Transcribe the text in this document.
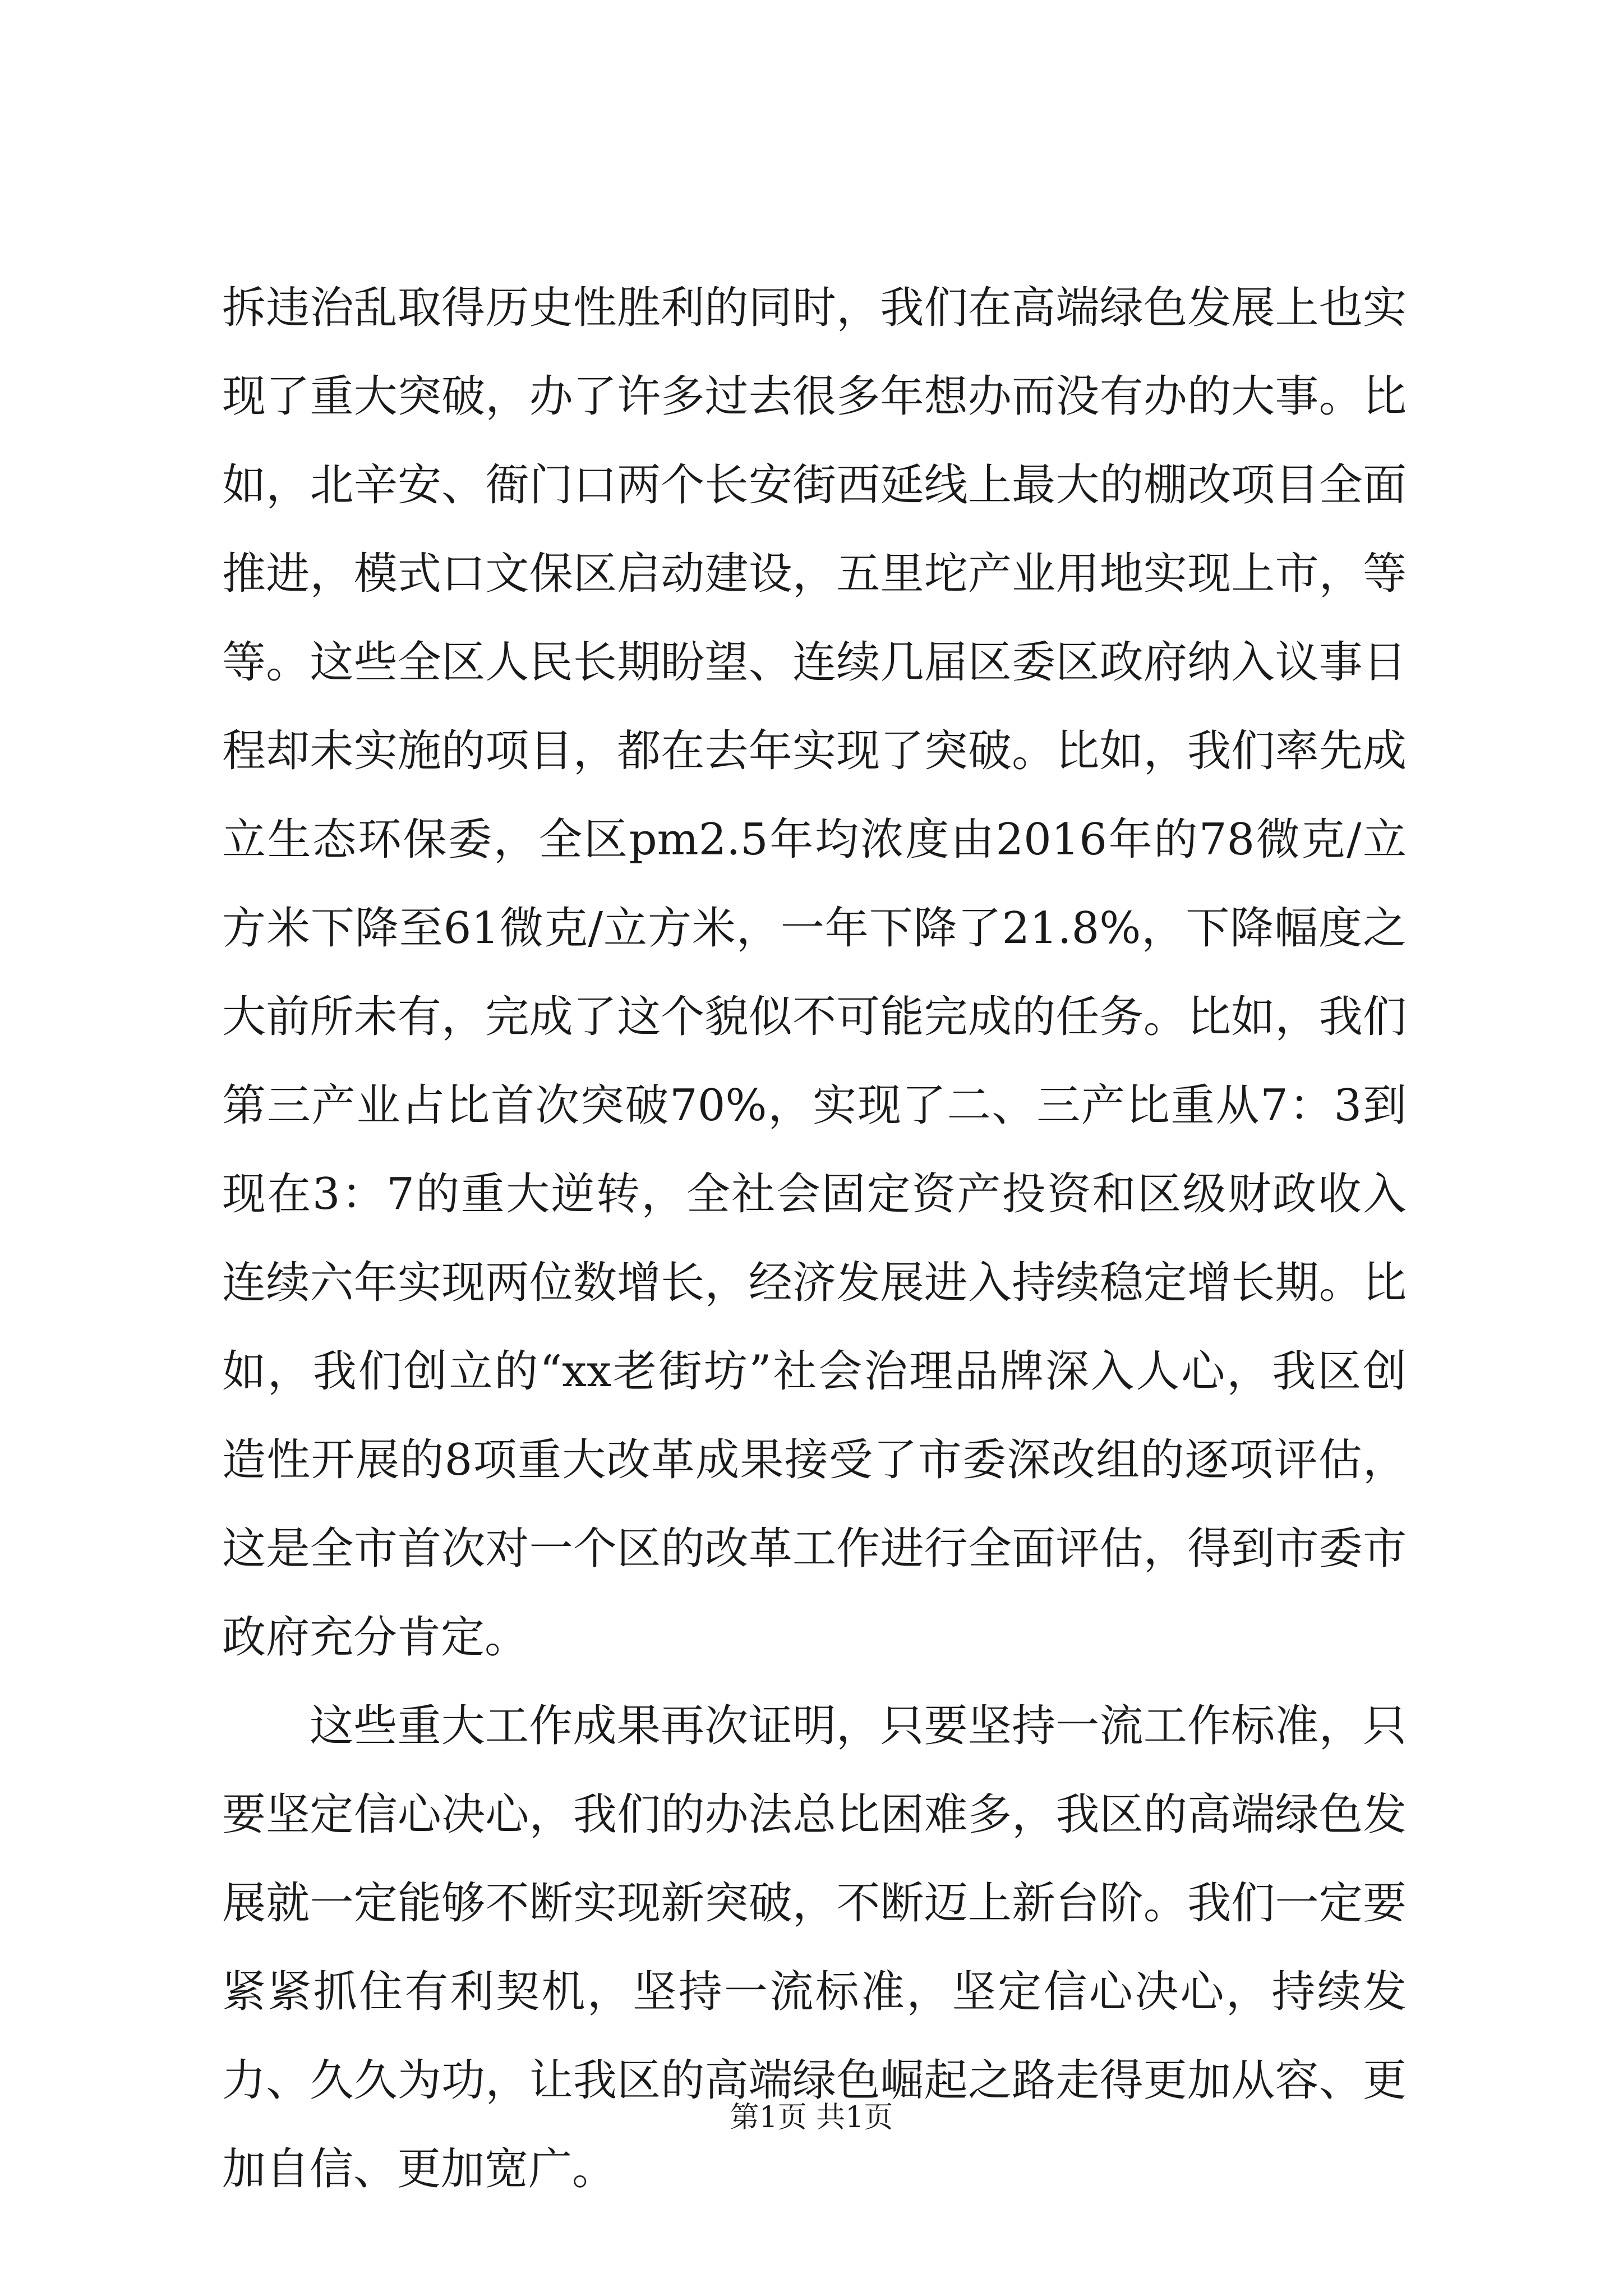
拆违治乱取得历史性胜利的同时，我们在高端绿色发展上也实现了重大突破，办了许多过去很多年想办而没有办的大事。比如，北辛安、衙门口两个长安街西延线上最大的棚改项目全面推进，模式口文保区启动建设，五里坨产业用地实现上市，等等。这些全区人民长期盼望、连续几届区委区政府纳入议事日程却未实施的项目，都在去年实现了突破。比如，我们率先成立生态环保委，全区pm2.5年均浓度由2016年的78微克/立方米下降至61微克/立方米，一年下降了21.8%，下降幅度之大前所未有，完成了这个貌似不可能完成的任务。比如，我们第三产业占比首次突破70%，实现了二、三产比重从7：3到现在3：7的重大逆转，全社会固定资产投资和区级财政收入连续六年实现两位数增长，经济发展进入持续稳定增长期。比如，我们创立的“xx老街坊”社会治理品牌深入人心，我区创造性开展的8项重大改革成果接受了市委深改组的逐项评估，这是全市首次对一个区的改革工作进行全面评估，得到市委市政府充分肯定。

这些重大工作成果再次证明，只要坚持一流工作标准，只要坚定信心决心，我们的办法总比困难多，我区的高端绿色发展就一定能够不断实现新突破，不断迈上新台阶。我们一定要紧紧抓住有利契机，坚持一流标准，坚定信心决心，持续发力、久久为功，让我区的高端绿色崛起之路走得更加从容、更加自信、更加宽广。

第1页 共1页
